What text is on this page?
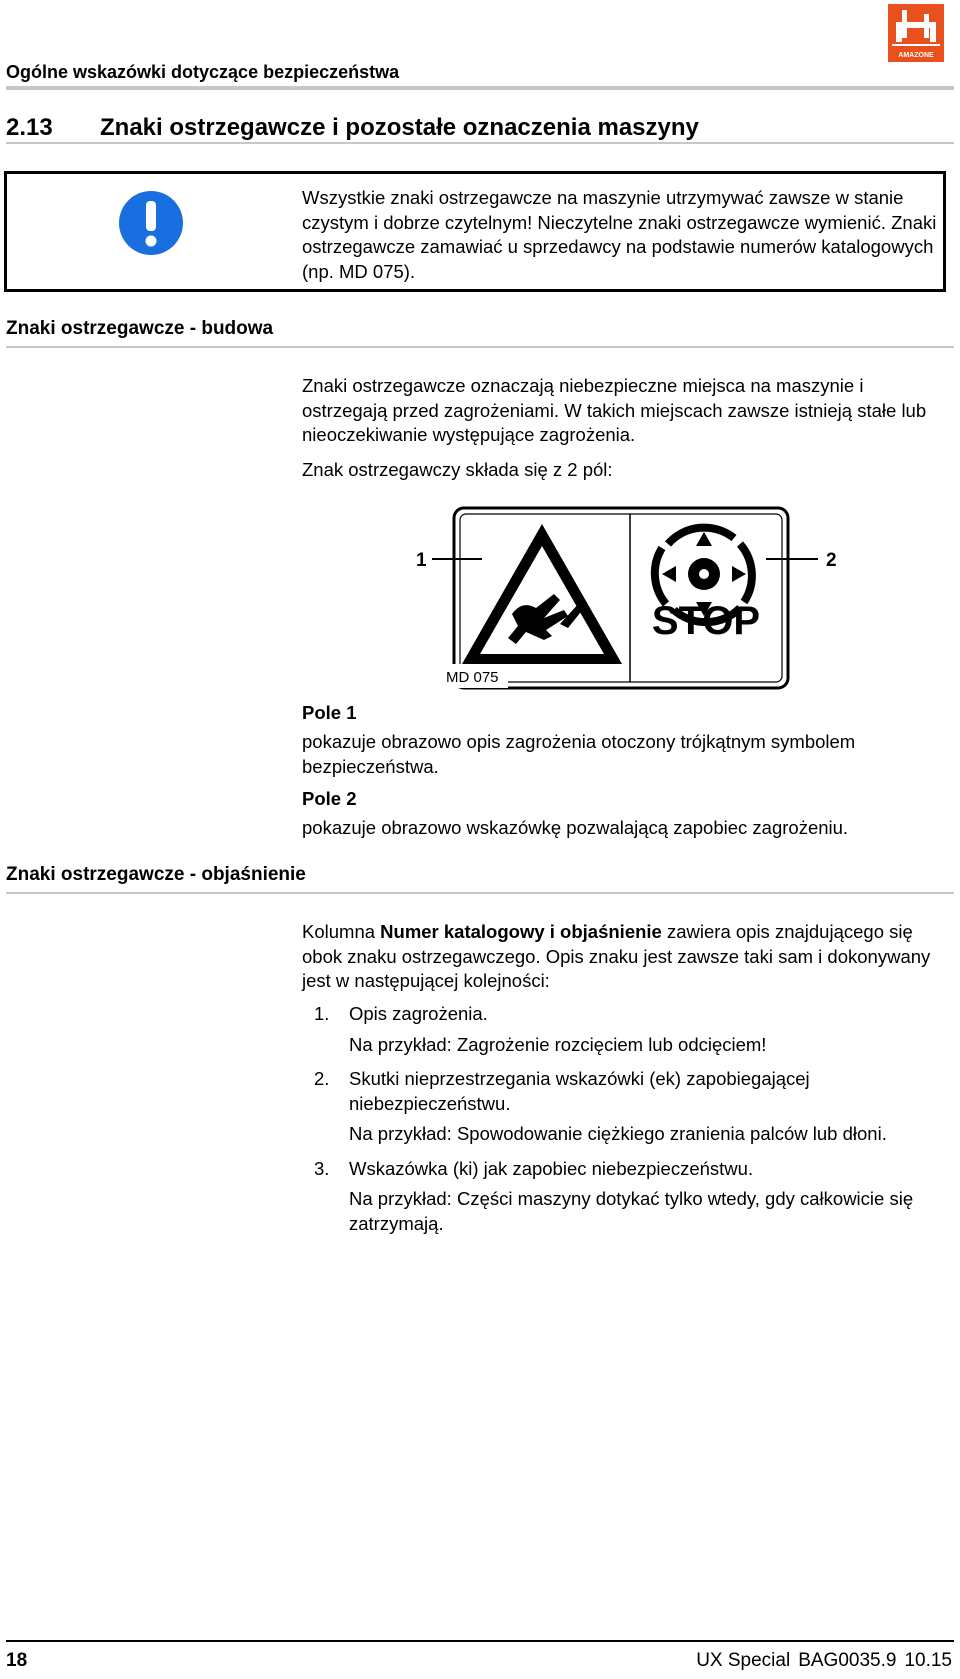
AMAZONE
Ogólne wskazówki dotyczące bezpieczeństwa
2.13 Znaki ostrzegawcze i pozostałe oznaczenia maszyny
Wszystkie znaki ostrzegawcze na maszynie utrzymywać zawsze w stanie czystym i dobrze czytelnym! Nieczytelne znaki ostrzegawcze wymienić. Znaki ostrzegawcze zamawiać u sprzedawcy na podstawie numerów katalogowych (np. MD 075).
Znaki ostrzegawcze - budowa
Znaki ostrzegawcze oznaczają niebezpieczne miejsca na maszynie i ostrzegają przed zagrożeniami. W takich miejscach zawsze istnieją stałe lub nieoczekiwanie występujące zagrożenia.
Znak ostrzegawczy składa się z 2 pól:
1	2
STOP
MD 075
Pole 1
pokazuje obrazowo opis zagrożenia otoczony trójkątnym symbolem bezpieczeństwa.
Pole 2
pokazuje obrazowo wskazówkę pozwalającą zapobiec zagrożeniu.
Znaki ostrzegawcze - objaśnienie
Kolumna Numer katalogowy i objaśnienie zawiera opis znajdującego się obok znaku ostrzegawczego. Opis znaku jest zawsze taki sam i dokonywany jest w następującej kolejności:
1. Opis zagrożenia.
Na przykład: Zagrożenie rozcięciem lub odcięciem!
2. Skutki nieprzestrzegania wskazówki (ek) zapobiegającej niebezpieczeństwu.
Na przykład: Spowodowanie ciężkiego zranienia palców lub dłoni.
3. Wskazówka (ki) jak zapobiec niebezpieczeństwu.
Na przykład: Części maszyny dotykać tylko wtedy, gdy całkowicie się zatrzymają.
18	UX Special BAG0035.9 10.15
